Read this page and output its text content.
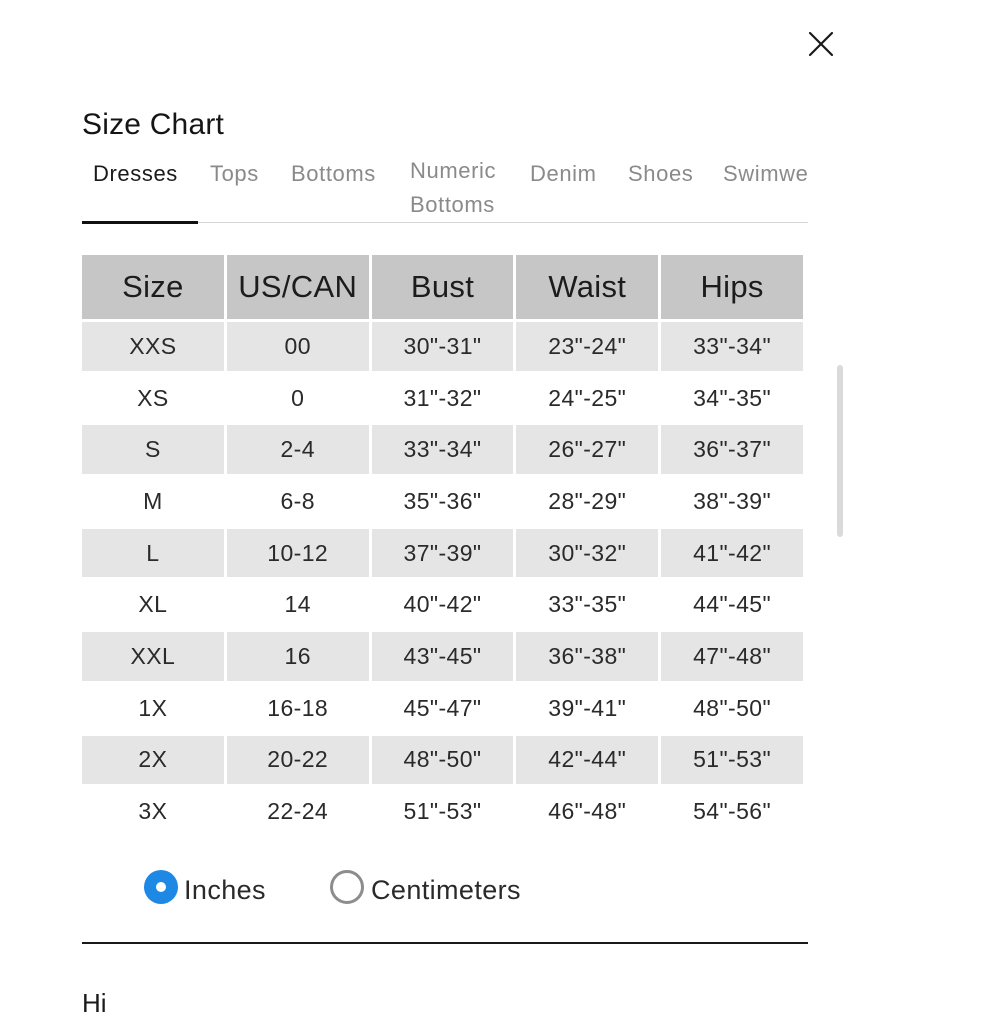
Size Chart
Dresses Tops Bottoms Numeric
Bottoms
Denim Shoes Swimwe
Size	US/CAN	Bust	Waist	Hips
XXS	00	30"-31"	23"-24"	33"-34"
XS	0	31"-32"	24"-25"	34"-35"
S	2-4	33"-34"	26"-27"	36"-37"
M	6-8	35"-36"	28"-29"	38"-39"
L	10-12	37"-39"	30"-32"	41"-42"
XL	14	40"-42"	33"-35"	44"-45"
XXL	16	43"-45"	36"-38"	47"-48"
1X	16-18	45"-47"	39"-41"	48"-50"
2X	20-22	48"-50"	42"-44"	51"-53"
3X	22-24	51"-53"	46"-48"	54"-56"
Inches	Centimeters
Hi
